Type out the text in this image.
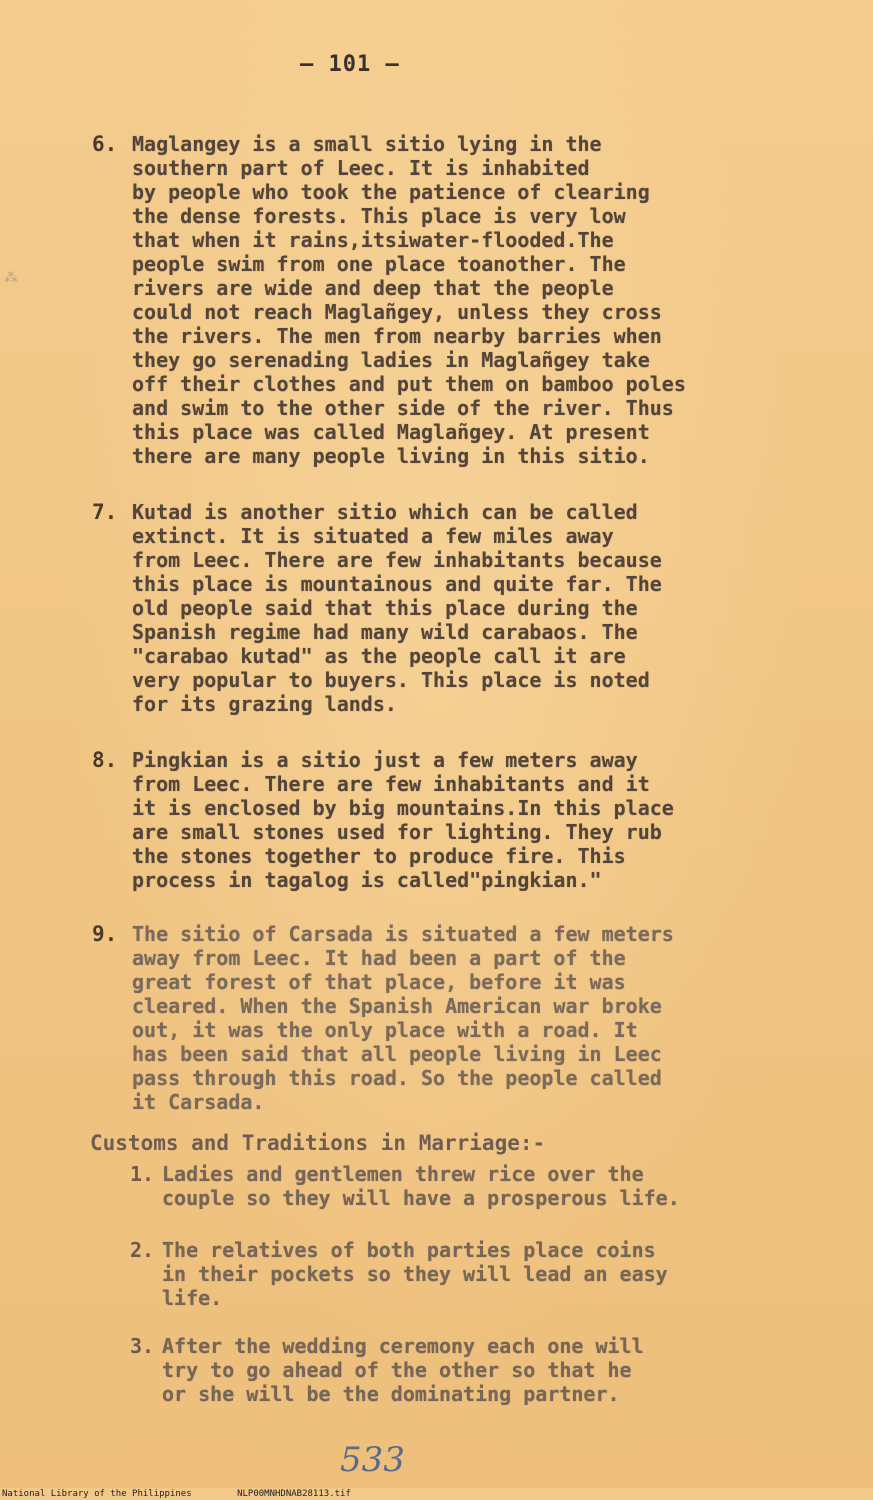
⁂
– 101 –
6. Maglangey is a small sitio lying in the
southern part of Leec. It is inhabited
by people who took the patience of clearing
the dense forests. This place is very low
that when it rains,itsiwater-flooded.The
people swim from one place toanother. The
rivers are wide and deep that the people
could not reach Maglañgey, unless they cross
the rivers. The men from nearby barries when
they go serenading ladies in Maglañgey take
off their clothes and put them on bamboo poles
and swim to the other side of the river. Thus
this place was called Maglañgey. At present
there are many people living in this sitio.
7. Kutad is another sitio which can be called
extinct. It is situated a few miles away
from Leec. There are few inhabitants because
this place is mountainous and quite far. The
old people said that this place during the
Spanish regime had many wild carabaos. The
"carabao kutad" as the people call it are
very popular to buyers. This place is noted
for its grazing lands.
8. Pingkian is a sitio just a few meters away
from Leec. There are few inhabitants and it
it is enclosed by big mountains.In this place
are small stones used for lighting. They rub
the stones together to produce fire. This
process in tagalog is called"pingkian."
9. The sitio of Carsada is situated a few meters
away from Leec. It had been a part of the
great forest of that place, before it was
cleared. When the Spanish American war broke
out, it was the only place with a road. It
has been said that all people living in Leec
pass through this road. So the people called
it Carsada.
Customs and Traditions in Marriage:-
1. Ladies and gentlemen threw rice over the
couple so they will have a prosperous life.
2. The relatives of both parties place coins
in their pockets so they will lead an easy
life.
3. After the wedding ceremony each one will
try to go ahead of the other so that he
or she will be the dominating partner.
533
National Library of the Philippines	NLP00MNHDNAB28113.tif
